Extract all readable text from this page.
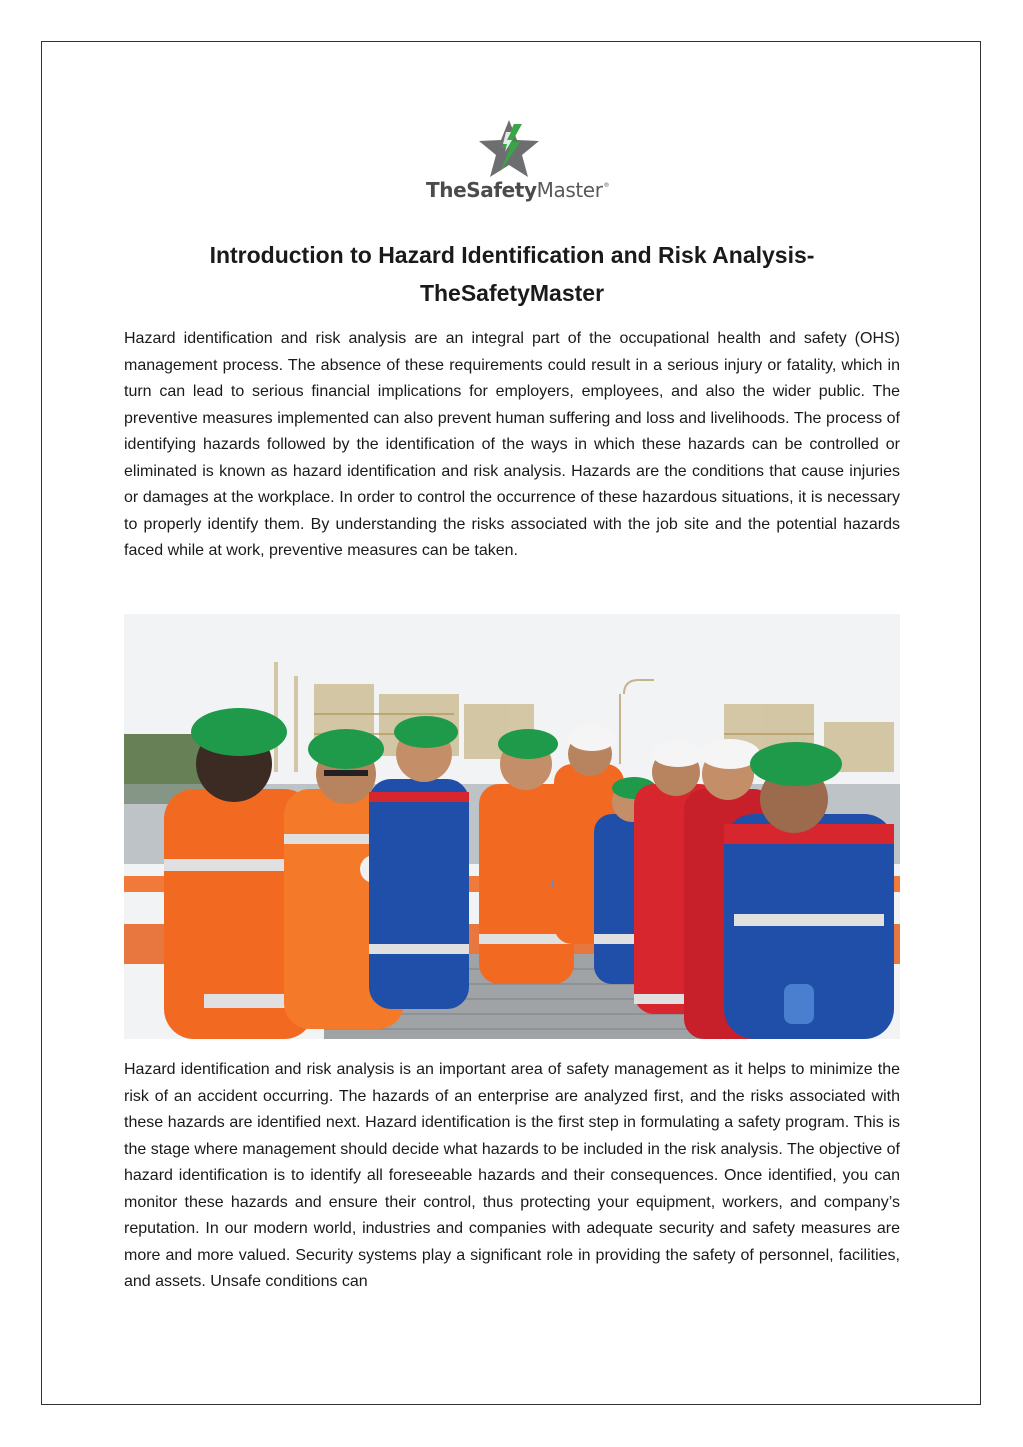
TheSafetyMaster®
Introduction to Hazard Identification and Risk Analysis- TheSafetyMaster

Hazard identification and risk analysis are an integral part of the occupational health and safety (OHS) management process. The absence of these requirements could result in a serious injury or fatality, which in turn can lead to serious financial implications for employers, employees, and also the wider public. The preventive measures implemented can also prevent human suffering and loss and livelihoods. The process of identifying hazards followed by the identification of the ways in which these hazards can be controlled or eliminated is known as hazard identification and risk analysis. Hazards are the conditions that cause injuries or damages at the workplace. In order to control the occurrence of these hazardous situations, it is necessary to properly identify them. By understanding the risks associated with the job site and the potential hazards faced while at work, preventive measures can be taken.

Hazard identification and risk analysis is an important area of safety management as it helps to minimize the risk of an accident occurring. The hazards of an enterprise are analyzed first, and the risks associated with these hazards are identified next. Hazard identification is the first step in formulating a safety program. This is the stage where management should decide what hazards to be included in the risk analysis. The objective of hazard identification is to identify all foreseeable hazards and their consequences. Once identified, you can monitor these hazards and ensure their control, thus protecting your equipment, workers, and company’s reputation. In our modern world, industries and companies with adequate security and safety measures are more and more valued. Security systems play a significant role in providing the safety of personnel, facilities, and assets. Unsafe conditions can
